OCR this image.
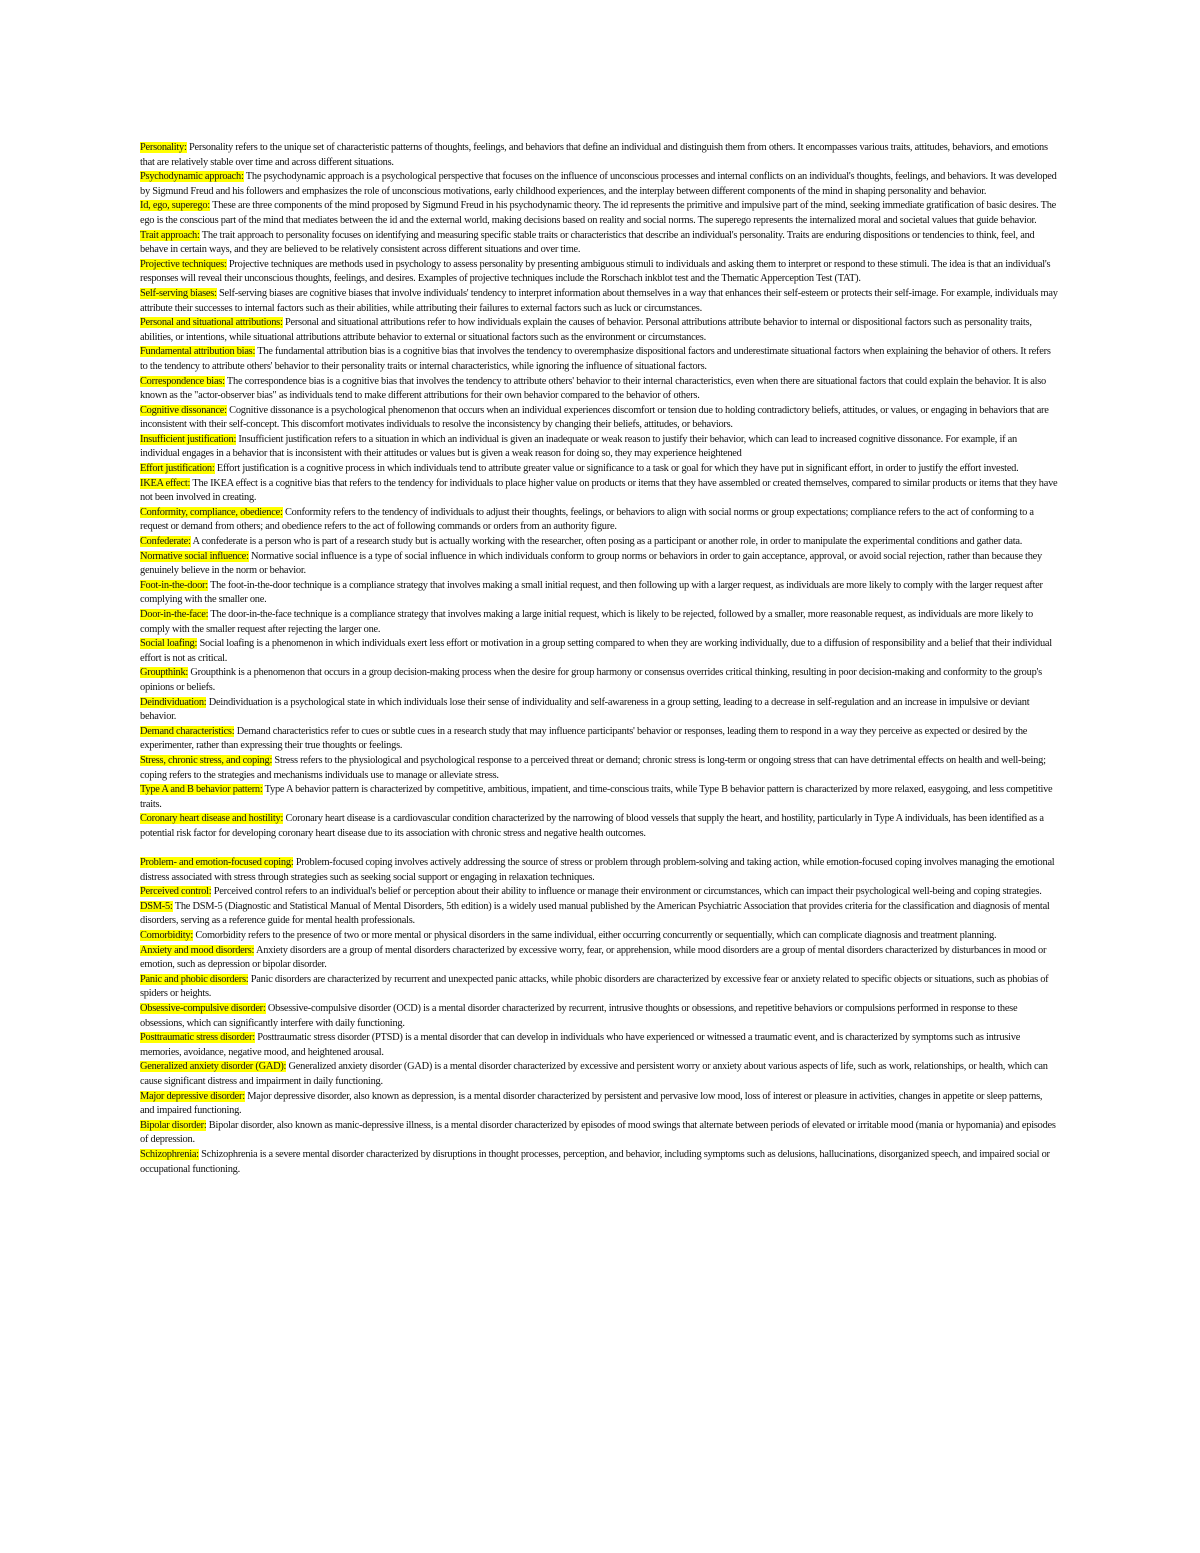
Personality: Personality refers to the unique set of characteristic patterns of thoughts, feelings, and behaviors that define an individual and distinguish them from others. It encompasses various traits, attitudes, behaviors, and emotions that are relatively stable over time and across different situations.

Psychodynamic approach: The psychodynamic approach is a psychological perspective that focuses on the influence of unconscious processes and internal conflicts on an individual's thoughts, feelings, and behaviors. It was developed by Sigmund Freud and his followers and emphasizes the role of unconscious motivations, early childhood experiences, and the interplay between different components of the mind in shaping personality and behavior.

Id, ego, superego: These are three components of the mind proposed by Sigmund Freud in his psychodynamic theory. The id represents the primitive and impulsive part of the mind, seeking immediate gratification of basic desires. The ego is the conscious part of the mind that mediates between the id and the external world, making decisions based on reality and social norms. The superego represents the internalized moral and societal values that guide behavior.

Trait approach: The trait approach to personality focuses on identifying and measuring specific stable traits or characteristics that describe an individual's personality. Traits are enduring dispositions or tendencies to think, feel, and behave in certain ways, and they are believed to be relatively consistent across different situations and over time.

Projective techniques: Projective techniques are methods used in psychology to assess personality by presenting ambiguous stimuli to individuals and asking them to interpret or respond to these stimuli. The idea is that an individual's responses will reveal their unconscious thoughts, feelings, and desires. Examples of projective techniques include the Rorschach inkblot test and the Thematic Apperception Test (TAT).

Self-serving biases: Self-serving biases are cognitive biases that involve individuals' tendency to interpret information about themselves in a way that enhances their self-esteem or protects their self-image. For example, individuals may attribute their successes to internal factors such as their abilities, while attributing their failures to external factors such as luck or circumstances.

Personal and situational attributions: Personal and situational attributions refer to how individuals explain the causes of behavior. Personal attributions attribute behavior to internal or dispositional factors such as personality traits, abilities, or intentions, while situational attributions attribute behavior to external or situational factors such as the environment or circumstances.

Fundamental attribution bias: The fundamental attribution bias is a cognitive bias that involves the tendency to overemphasize dispositional factors and underestimate situational factors when explaining the behavior of others. It refers to the tendency to attribute others' behavior to their personality traits or internal characteristics, while ignoring the influence of situational factors.

Correspondence bias: The correspondence bias is a cognitive bias that involves the tendency to attribute others' behavior to their internal characteristics, even when there are situational factors that could explain the behavior. It is also known as the "actor-observer bias" as individuals tend to make different attributions for their own behavior compared to the behavior of others.

Cognitive dissonance: Cognitive dissonance is a psychological phenomenon that occurs when an individual experiences discomfort or tension due to holding contradictory beliefs, attitudes, or values, or engaging in behaviors that are inconsistent with their self-concept. This discomfort motivates individuals to resolve the inconsistency by changing their beliefs, attitudes, or behaviors.

Insufficient justification: Insufficient justification refers to a situation in which an individual is given an inadequate or weak reason to justify their behavior, which can lead to increased cognitive dissonance. For example, if an individual engages in a behavior that is inconsistent with their attitudes or values but is given a weak reason for doing so, they may experience heightened

Effort justification: Effort justification is a cognitive process in which individuals tend to attribute greater value or significance to a task or goal for which they have put in significant effort, in order to justify the effort invested.

IKEA effect: The IKEA effect is a cognitive bias that refers to the tendency for individuals to place higher value on products or items that they have assembled or created themselves, compared to similar products or items that they have not been involved in creating.

Conformity, compliance, obedience: Conformity refers to the tendency of individuals to adjust their thoughts, feelings, or behaviors to align with social norms or group expectations; compliance refers to the act of conforming to a request or demand from others; and obedience refers to the act of following commands or orders from an authority figure.

Confederate: A confederate is a person who is part of a research study but is actually working with the researcher, often posing as a participant or another role, in order to manipulate the experimental conditions and gather data.

Normative social influence: Normative social influence is a type of social influence in which individuals conform to group norms or behaviors in order to gain acceptance, approval, or avoid social rejection, rather than because they genuinely believe in the norm or behavior.

Foot-in-the-door: The foot-in-the-door technique is a compliance strategy that involves making a small initial request, and then following up with a larger request, as individuals are more likely to comply with the larger request after complying with the smaller one.

Door-in-the-face: The door-in-the-face technique is a compliance strategy that involves making a large initial request, which is likely to be rejected, followed by a smaller, more reasonable request, as individuals are more likely to comply with the smaller request after rejecting the larger one.

Social loafing: Social loafing is a phenomenon in which individuals exert less effort or motivation in a group setting compared to when they are working individually, due to a diffusion of responsibility and a belief that their individual effort is not as critical.

Groupthink: Groupthink is a phenomenon that occurs in a group decision-making process when the desire for group harmony or consensus overrides critical thinking, resulting in poor decision-making and conformity to the group's opinions or beliefs.

Deindividuation: Deindividuation is a psychological state in which individuals lose their sense of individuality and self-awareness in a group setting, leading to a decrease in self-regulation and an increase in impulsive or deviant behavior.

Demand characteristics: Demand characteristics refer to cues or subtle cues in a research study that may influence participants' behavior or responses, leading them to respond in a way they perceive as expected or desired by the experimenter, rather than expressing their true thoughts or feelings.

Stress, chronic stress, and coping: Stress refers to the physiological and psychological response to a perceived threat or demand; chronic stress is long-term or ongoing stress that can have detrimental effects on health and well-being; coping refers to the strategies and mechanisms individuals use to manage or alleviate stress.

Type A and B behavior pattern: Type A behavior pattern is characterized by competitive, ambitious, impatient, and time-conscious traits, while Type B behavior pattern is characterized by more relaxed, easygoing, and less competitive traits.

Coronary heart disease and hostility: Coronary heart disease is a cardiovascular condition characterized by the narrowing of blood vessels that supply the heart, and hostility, particularly in Type A individuals, has been identified as a potential risk factor for developing coronary heart disease due to its association with chronic stress and negative health outcomes.

Problem- and emotion-focused coping: Problem-focused coping involves actively addressing the source of stress or problem through problem-solving and taking action, while emotion-focused coping involves managing the emotional distress associated with stress through strategies such as seeking social support or engaging in relaxation techniques.

Perceived control: Perceived control refers to an individual's belief or perception about their ability to influence or manage their environment or circumstances, which can impact their psychological well-being and coping strategies.

DSM-5: The DSM-5 (Diagnostic and Statistical Manual of Mental Disorders, 5th edition) is a widely used manual published by the American Psychiatric Association that provides criteria for the classification and diagnosis of mental disorders, serving as a reference guide for mental health professionals.

Comorbidity: Comorbidity refers to the presence of two or more mental or physical disorders in the same individual, either occurring concurrently or sequentially, which can complicate diagnosis and treatment planning.

Anxiety and mood disorders: Anxiety disorders are a group of mental disorders characterized by excessive worry, fear, or apprehension, while mood disorders are a group of mental disorders characterized by disturbances in mood or emotion, such as depression or bipolar disorder.

Panic and phobic disorders: Panic disorders are characterized by recurrent and unexpected panic attacks, while phobic disorders are characterized by excessive fear or anxiety related to specific objects or situations, such as phobias of spiders or heights.

Obsessive-compulsive disorder: Obsessive-compulsive disorder (OCD) is a mental disorder characterized by recurrent, intrusive thoughts or obsessions, and repetitive behaviors or compulsions performed in response to these obsessions, which can significantly interfere with daily functioning.

Posttraumatic stress disorder: Posttraumatic stress disorder (PTSD) is a mental disorder that can develop in individuals who have experienced or witnessed a traumatic event, and is characterized by symptoms such as intrusive memories, avoidance, negative mood, and heightened arousal.

Generalized anxiety disorder (GAD): Generalized anxiety disorder (GAD) is a mental disorder characterized by excessive and persistent worry or anxiety about various aspects of life, such as work, relationships, or health, which can cause significant distress and impairment in daily functioning.

Major depressive disorder: Major depressive disorder, also known as depression, is a mental disorder characterized by persistent and pervasive low mood, loss of interest or pleasure in activities, changes in appetite or sleep patterns, and impaired functioning.

Bipolar disorder: Bipolar disorder, also known as manic-depressive illness, is a mental disorder characterized by episodes of mood swings that alternate between periods of elevated or irritable mood (mania or hypomania) and episodes of depression.

Schizophrenia: Schizophrenia is a severe mental disorder characterized by disruptions in thought processes, perception, and behavior, including symptoms such as delusions, hallucinations, disorganized speech, and impaired social or occupational functioning.
